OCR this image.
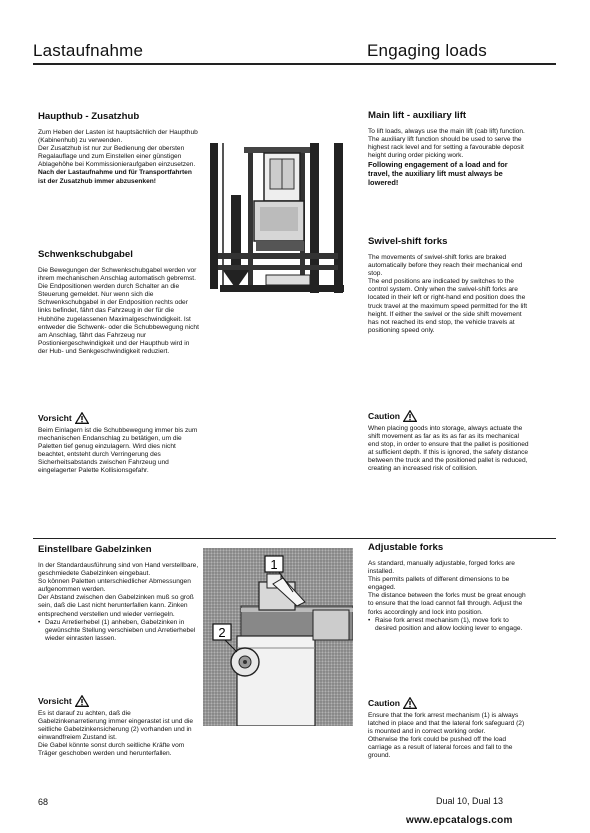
Lastaufnahme	Engaging loads
Haupthub - Zusatzhub

Zum Heben der Lasten ist hauptsächlich der Haupthub (Kabinenhub) zu verwenden.

Der Zusatzhub ist nur zur Bedienung der obersten Regalauflage und zum Einstellen einer günstigen Ablagehöhe bei Kommissionieraufgaben einzusetzen.

Nach der Lastaufnahme und für Transportfahrten ist der Zusatzhub immer abzusenken!

Schwenkschubgabel

Die Bewegungen der Schwenkschubgabel werden vor ihrem mechanischen Anschlag automatisch gebremst.

Die Endpositionen werden durch Schalter an die Steuerung gemeldet. Nur wenn sich die Schwenkschubgabel in der Endposition rechts oder links befindet, fährt das Fahrzeug in der für die Hubhöhe zugelassenen Maximalgeschwindigkeit. Ist entweder die Schwenk- oder die Schubbewegung nicht am Anschlag, fährt das Fahrzeug nur Postioniergeschwindigkeit und der Haupthub wird in der Hub- und Senkgeschwindigkeit reduziert.

Vorsicht

Beim Einlagern ist die Schubbewegung immer bis zum mechanischen Endanschlag zu betätigen, um die Paletten tief genug einzulagern. Wird dies nicht beachtet, entsteht durch Verringerung des Sicherheitsabstands zwischen Fahrzeug und eingelagerter Palette Kollisionsgefahr.

Main lift - auxiliary lift

To lift loads, always use the main lift (cab lift) function.

The auxiliary lift function should be used to serve the highest rack level and for setting a favourable deposit height during order picking work.

Following engagement of a load and for travel, the auxiliary lift must always be lowered!

Swivel-shift forks

The movements of swivel-shift forks are braked automatically before they reach their mechanical end stop.

The end positions are indicated by switches to the control system. Only when the swivel-shift forks are located in their left or right-hand end position does the truck travel at the maximum speed permitted for the lift height. If either the swivel or the side shift movement has not reached its end stop, the vehicle travels at positioning speed only.

Caution

When placing goods into storage, always actuate the shift movement as far as its as far as its mechanical end stop, in order to ensure that the pallet is positioned at sufficient depth. If this is ignored, the safety distance between the truck and the positioned pallet is reduced, creating an increased risk of collision.

Einstellbare Gabelzinken

In der Standardausführung sind von Hand verstellbare, geschmiedete Gabelzinken eingebaut.

So können Paletten unterschiedlicher Abmessungen aufgenommen werden.

Der Abstand zwischen den Gabelzinken muß so groß sein, daß die Last nicht herunterfallen kann. Zinken entsprechend verstellen und wieder verriegeln.

• Dazu Arretierhebel (1) anheben, Gabelzinken in gewünschte Stellung verschieben und Arretierhebel wieder einrasten lassen.
Vorsicht

Es ist darauf zu achten, daß die Gabelzinkenarretierung immer eingerastet ist und die seitliche Gabelzinkensicherung (2) vorhanden und in einwandfreiem Zustand ist.

Die Gabel könnte sonst durch seitliche Kräfte vom Träger geschoben werden und herunterfallen.

Adjustable forks

As standard, manually adjustable, forged forks are installed.

This permits pallets of different dimensions to be engaged.

The distance between the forks must be great enough to ensure that the load cannot fall through. Adjust the forks accordingly and lock into position.

• Raise fork arrest mechanism (1), move fork to desired position and allow locking lever to engage.
Caution

Ensure that the fork arrest mechanism (1) is always latched in place and that the lateral fork safeguard (2) is mounted and in correct working order.

Otherwise the fork could be pushed off the load carriage as a result of lateral forces and fall to the ground.

1
2
68	Dual 10, Dual 13
www.epcatalogs.com
